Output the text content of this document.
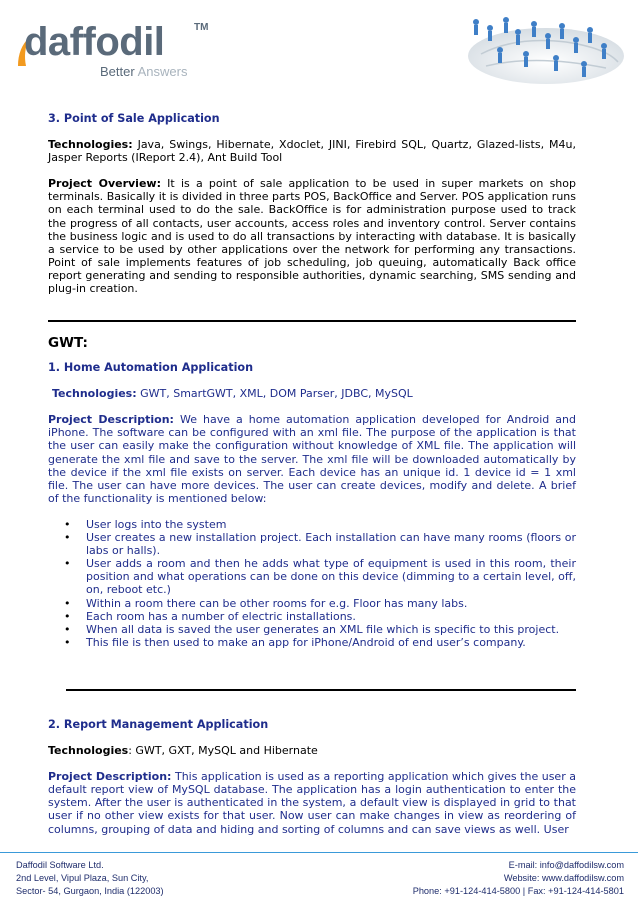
daffodil	TM
Better Answers
3. Point of Sale Application

Technologies: Java, Swings, Hibernate, Xdoclet, JINI, Firebird SQL, Quartz, Glazed-lists, M4u, Jasper Reports (IReport 2.4), Ant Build Tool

Project Overview: It is a point of sale application to be used in super markets on shop terminals. Basically it is divided in three parts POS, BackOffice and Server. POS application runs on each terminal used to do the sale. BackOffice is for administration purpose used to track the progress of all contacts, user accounts, access roles and inventory control. Server contains the business logic and is used to do all transactions by interacting with database. It is basically a service to be used by other applications over the network for performing any transactions. Point of sale implements features of job scheduling, job queuing, automatically Back office report generating and sending to responsible authorities, dynamic searching, SMS sending and plug-in creation.

GWT:
1. Home Automation Application

Technologies: GWT, SmartGWT, XML, DOM Parser, JDBC, MySQL

Project Description: We have a home automation application developed for Android and iPhone. The software can be configured with an xml file. The purpose of the application is that the user can easily make the configuration without knowledge of XML file. The application will generate the xml file and save to the server. The xml file will be downloaded automatically by the device if the xml file exists on server. Each device has an unique id. 1 device id = 1 xml file. The user can have more devices. The user can create devices, modify and delete. A brief of the functionality is mentioned below:

• User logs into the system
• User creates a new installation project. Each installation can have many rooms (floors or labs or halls).
• User adds a room and then he adds what type of equipment is used in this room, their position and what operations can be done on this device (dimming to a certain level, off, on, reboot etc.)
• Within a room there can be other rooms for e.g. Floor has many labs.
• Each room has a number of electric installations.
• When all data is saved the user generates an XML file which is specific to this project.
• This file is then used to make an app for iPhone/Android of end user’s company.
2. Report Management Application

Technologies: GWT, GXT, MySQL and Hibernate

Project Description: This application is used as a reporting application which gives the user a default report view of MySQL database. The application has a login authentication to enter the system. After the user is authenticated in the system, a default view is displayed in grid to that user if no other view exists for that user. Now user can make changes in view as reordering of columns, grouping of data and hiding and sorting of columns and can save views as well. User

Daffodil Software Ltd.
2nd Level, Vipul Plaza, Sun City,
Sector- 54, Gurgaon, India (122003)
E-mail: info@daffodilsw.com
Website: www.daffodilsw.com
Phone: +91-124-414-5800 | Fax: +91-124-414-5801
